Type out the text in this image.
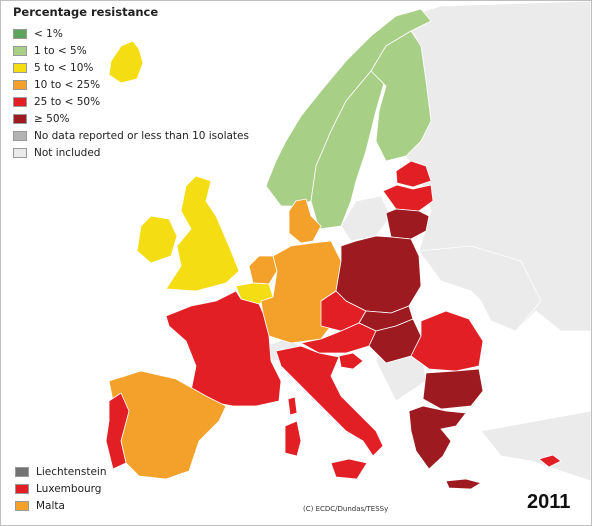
Percentage resistance
< 1%
1 to < 5%
5 to < 10%
10 to < 25%
25 to < 50%
≥ 50%
No data reported or less than 10 isolates
Not included
Liechtenstein
Luxembourg
Malta	(C) ECDC/Dundas/TESSy	2011
